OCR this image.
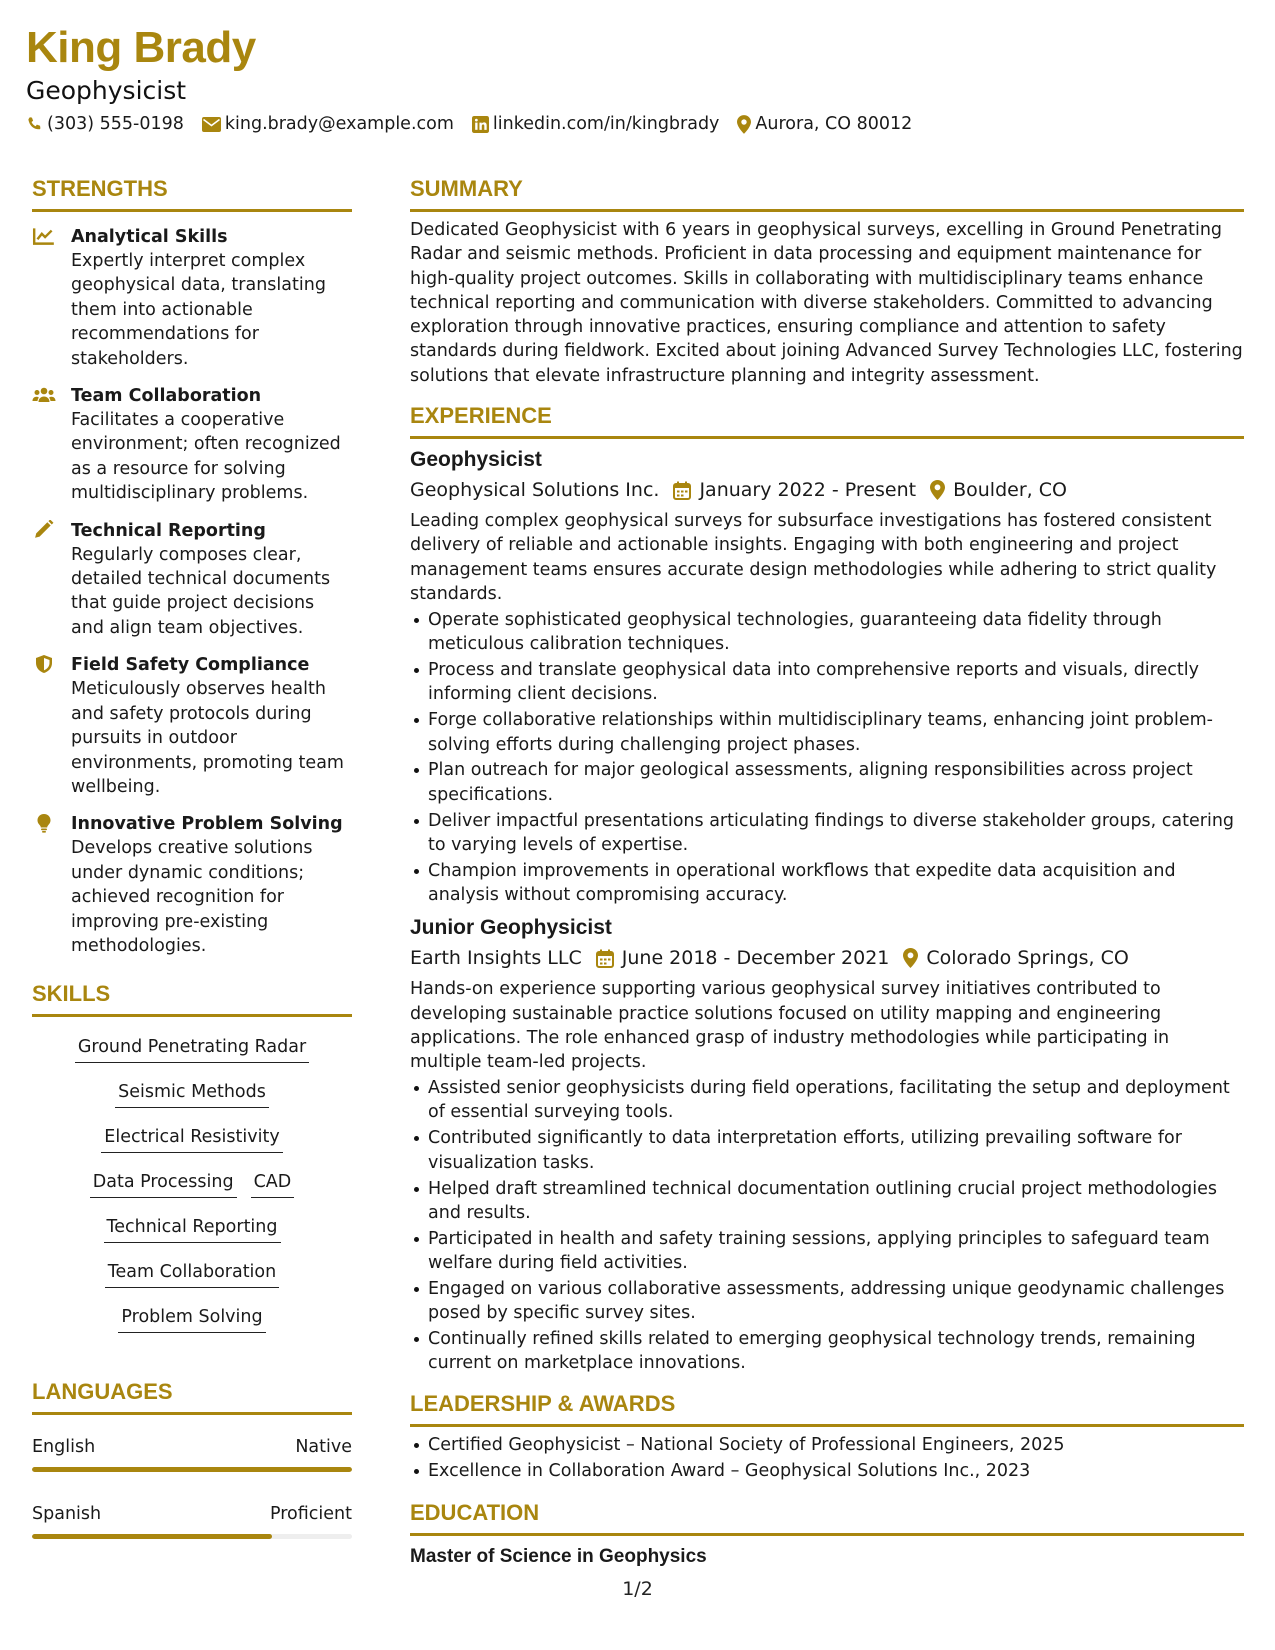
King Brady
Geophysicist
(303) 555-0198 king.brady@example.com linkedin.com/in/kingbrady Aurora, CO 80012
STRENGTHS
Analytical Skills
Expertly interpret complex geophysical data, translating them into actionable recommendations for stakeholders.
Team Collaboration
Facilitates a cooperative environment; often recognized as a resource for solving multidisciplinary problems.
Technical Reporting
Regularly composes clear, detailed technical documents that guide project decisions and align team objectives.
Field Safety Compliance
Meticulously observes health and safety protocols during pursuits in outdoor environments, promoting team wellbeing.
Innovative Problem Solving
Develops creative solutions under dynamic conditions; achieved recognition for improving pre-existing methodologies.
SKILLS
Ground Penetrating Radar
Seismic Methods
Electrical Resistivity
Data Processing CAD
Technical Reporting
Team Collaboration
Problem Solving
LANGUAGES
English	Native
Spanish	Proficient
SUMMARY
Dedicated Geophysicist with 6 years in geophysical surveys, excelling in Ground Penetrating Radar and seismic methods. Proficient in data processing and equipment maintenance for high-quality project outcomes. Skills in collaborating with multidisciplinary teams enhance technical reporting and communication with diverse stakeholders. Committed to advancing exploration through innovative practices, ensuring compliance and attention to safety standards during fieldwork. Excited about joining Advanced Survey Technologies LLC, fostering solutions that elevate infrastructure planning and integrity assessment.
EXPERIENCE
Geophysicist
Geophysical Solutions Inc. January 2022 - Present Boulder, CO
Leading complex geophysical surveys for subsurface investigations has fostered consistent delivery of reliable and actionable insights. Engaging with both engineering and project management teams ensures accurate design methodologies while adhering to strict quality standards.
Operate sophisticated geophysical technologies, guaranteeing data fidelity through meticulous calibration techniques.
Process and translate geophysical data into comprehensive reports and visuals, directly informing client decisions.
Forge collaborative relationships within multidisciplinary teams, enhancing joint problem-solving efforts during challenging project phases.
Plan outreach for major geological assessments, aligning responsibilities across project specifications.
Deliver impactful presentations articulating findings to diverse stakeholder groups, catering to varying levels of expertise.
Champion improvements in operational workflows that expedite data acquisition and analysis without compromising accuracy.
Junior Geophysicist
Earth Insights LLC June 2018 - December 2021 Colorado Springs, CO
Hands-on experience supporting various geophysical survey initiatives contributed to developing sustainable practice solutions focused on utility mapping and engineering applications. The role enhanced grasp of industry methodologies while participating in multiple team-led projects.
Assisted senior geophysicists during field operations, facilitating the setup and deployment of essential surveying tools.
Contributed significantly to data interpretation efforts, utilizing prevailing software for visualization tasks.
Helped draft streamlined technical documentation outlining crucial project methodologies and results.
Participated in health and safety training sessions, applying principles to safeguard team welfare during field activities.
Engaged on various collaborative assessments, addressing unique geodynamic challenges posed by specific survey sites.
Continually refined skills related to emerging geophysical technology trends, remaining current on marketplace innovations.
LEADERSHIP & AWARDS
Certified Geophysicist – National Society of Professional Engineers, 2025
Excellence in Collaboration Award – Geophysical Solutions Inc., 2023
EDUCATION
Master of Science in Geophysics
1/2
